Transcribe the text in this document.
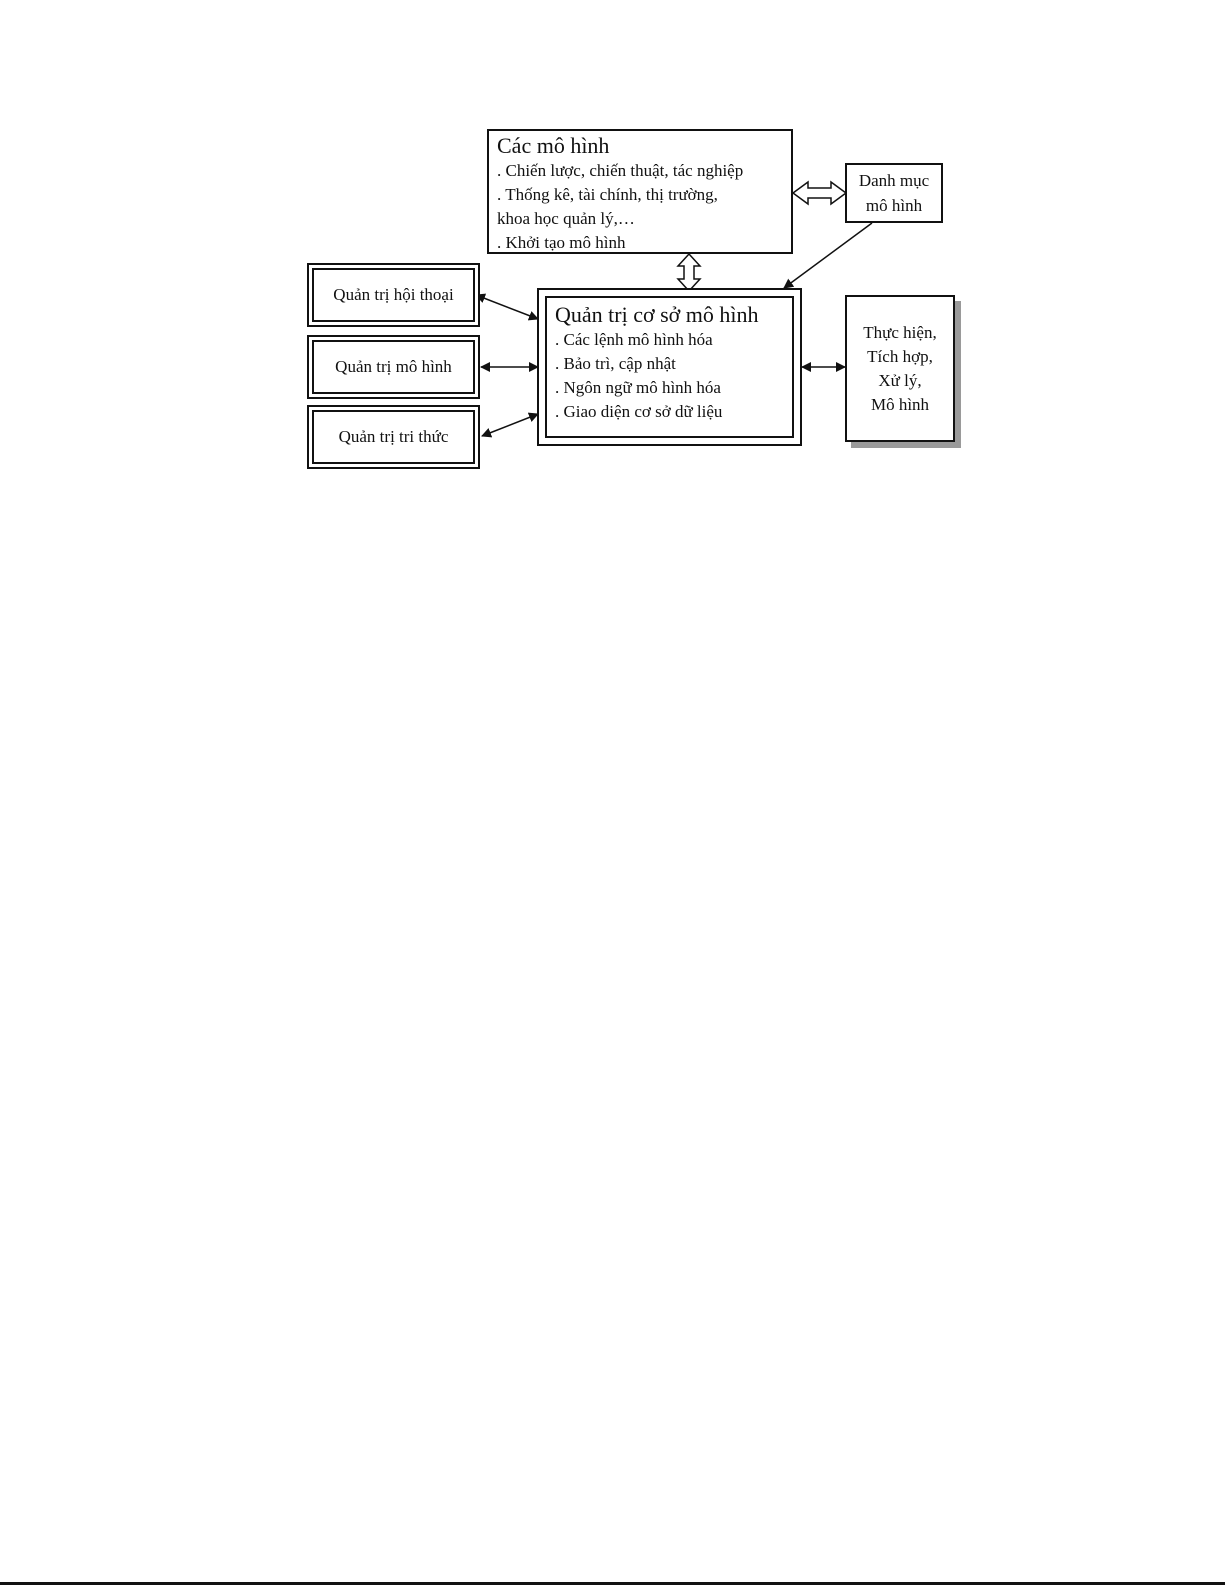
Các mô hình
. Chiến lược, chiến thuật, tác nghiệp
. Thống kê, tài chính, thị trường,
khoa học quản lý,…
. Khởi tạo mô hình
Danh mục
mô hình
Quản trị cơ sở mô hình
. Các lệnh mô hình hóa
. Bảo trì, cập nhật
. Ngôn ngữ mô hình hóa
. Giao diện cơ sở dữ liệu
Quản trị hội thoại
Quản trị mô hình
Quản trị tri thức
Thực hiện,
Tích hợp,
Xử lý,
Mô hình
